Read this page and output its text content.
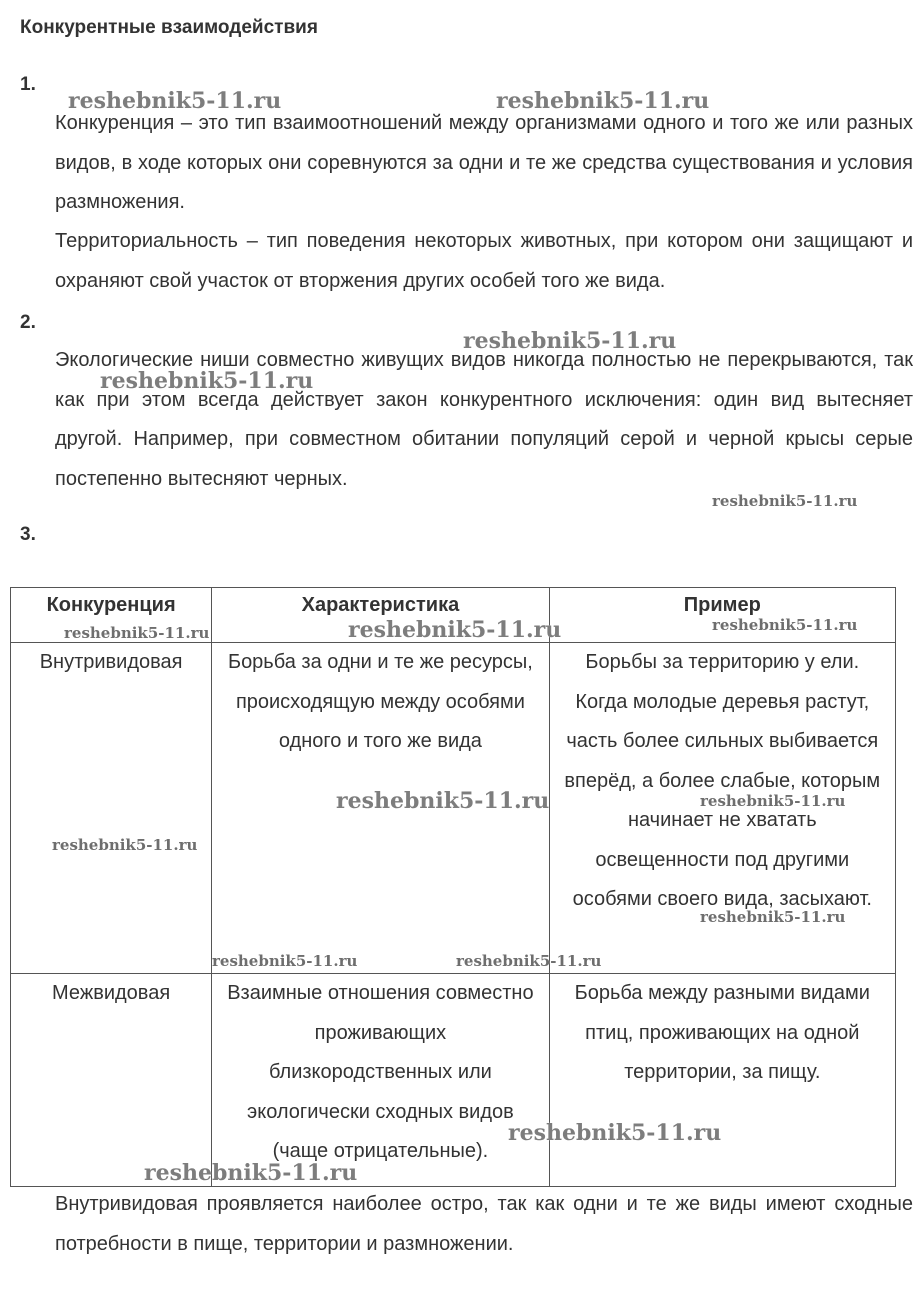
Конкурентные взаимодействия
1.

Конкуренция – это тип взаимоотношений между организмами одного и того же или разных видов, в ходе которых они соревнуются за одни и те же средства существования и условия размножения.

Территориальность – тип поведения некоторых животных, при котором они защищают и охраняют свой участок от вторжения других особей того же вида.

2.

Экологические ниши совместно живущих видов никогда полностью не перекрываются, так как при этом всегда действует закон конкурентного исключения: один вид вытесняет другой. Например, при совместном обитании популяций серой и черной крысы серые постепенно вытесняют черных.

3.
Конкуренция	Характеристика	Пример

Внутривидовая	Борьба за одни и те же ресурсы, происходящую между особями одного и того же вида	Борьбы за территорию у ели. Когда молодые деревья растут, часть более сильных выбивается вперёд, а более слабые, которым начинает не хватать освещенности под другими особями своего вида, засыхают.
Межвидовая	Взаимные отношения совместно проживающих близкородственных или экологически сходных видов (чаще отрицательные).	Борьба между разными видами птиц, проживающих на одной территории, за пищу.

Внутривидовая проявляется наиболее остро, так как одни и те же виды имеют сходные потребности в пище, территории и размножении.

reshebnik5-11.ru	reshebnik5-11.ru
reshebnik5-11.ru
reshebnik5-11.ru
reshebnik5-11.ru
reshebnik5-11.ru	reshebnik5-11.ru	reshebnik5-11.ru
reshebnik5-11.ru	reshebnik5-11.ru
reshebnik5-11.ru
reshebnik5-11.ru
reshebnik5-11.ru	reshebnik5-11.ru
reshebnik5-11.ru
reshebnik5-11.ru
